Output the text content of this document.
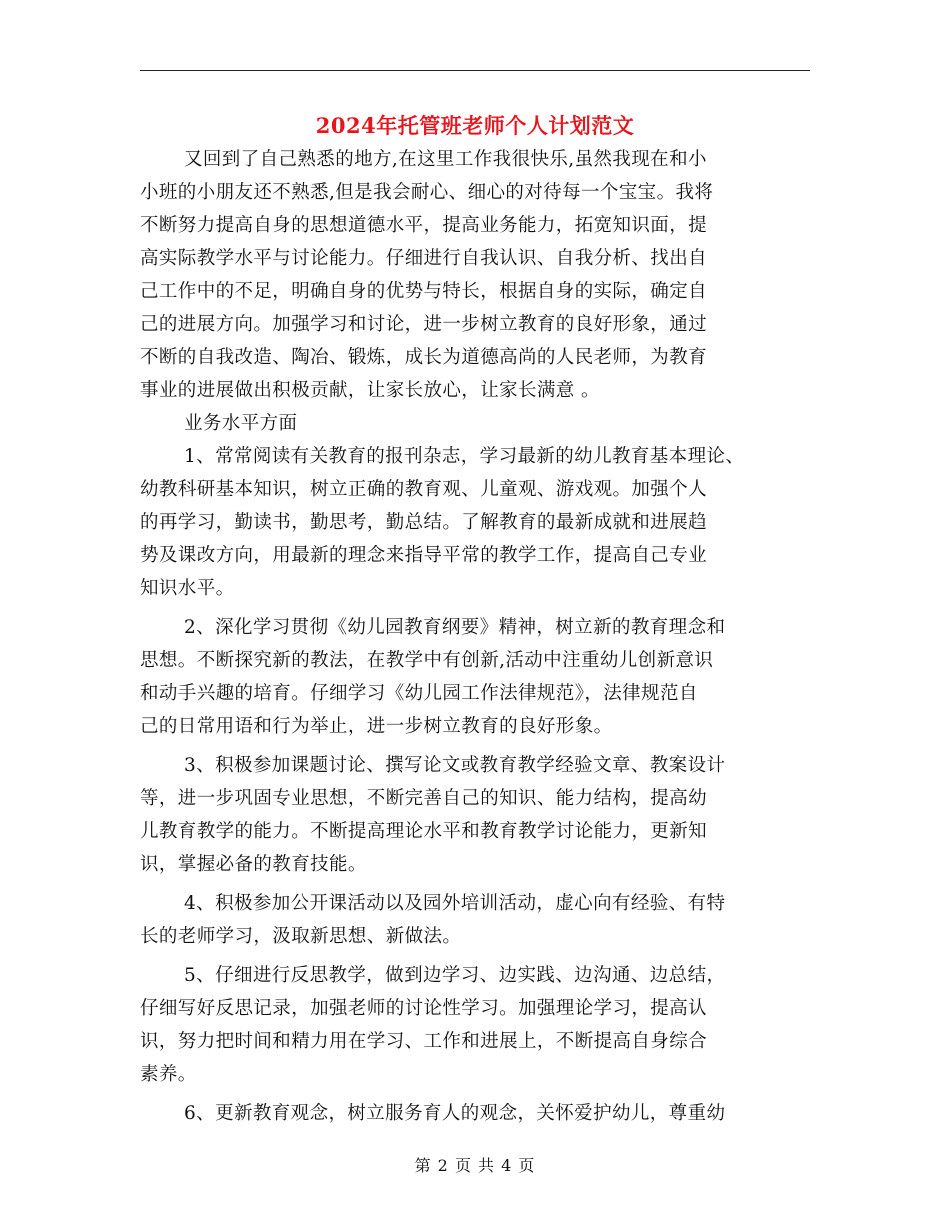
2024年托管班老师个人计划范文
又回到了自己熟悉的地方,在这里工作我很快乐,虽然我现在和小
小班的小朋友还不熟悉,但是我会耐心、细心的对待每一个宝宝。我将
不断努力提高自身的思想道德水平，提高业务能力，拓宽知识面，提
高实际教学水平与讨论能力。仔细进行自我认识、自我分析、找出自
己工作中的不足，明确自身的优势与特长，根据自身的实际，确定自
己的进展方向。加强学习和讨论，进一步树立教育的良好形象，通过
不断的自我改造、陶冶、锻炼，成长为道德高尚的人民老师，为教育
事业的进展做出积极贡献，让家长放心，让家长满意 。
业务水平方面
1、常常阅读有关教育的报刊杂志，学习最新的幼儿教育基本理论、
幼教科研基本知识，树立正确的教育观、儿童观、游戏观。加强个人
的再学习，勤读书，勤思考，勤总结。了解教育的最新成就和进展趋
势及课改方向，用最新的理念来指导平常的教学工作，提高自己专业
知识水平。
2、深化学习贯彻《幼儿园教育纲要》精神，树立新的教育理念和
思想。不断探究新的教法，在教学中有创新,活动中注重幼儿创新意识
和动手兴趣的培育。仔细学习《幼儿园工作法律规范》，法律规范自
己的日常用语和行为举止，进一步树立教育的良好形象。
3、积极参加课题讨论、撰写论文或教育教学经验文章、教案设计
等，进一步巩固专业思想，不断完善自己的知识、能力结构，提高幼
儿教育教学的能力。不断提高理论水平和教育教学讨论能力，更新知
识，掌握必备的教育技能。
4、积极参加公开课活动以及园外培训活动，虚心向有经验、有特
长的老师学习，汲取新思想、新做法。
5、仔细进行反思教学，做到边学习、边实践、边沟通、边总结，
仔细写好反思记录，加强老师的讨论性学习。加强理论学习，提高认
识，努力把时间和精力用在学习、工作和进展上，不断提高自身综合
素养。
6、更新教育观念，树立服务育人的观念，关怀爱护幼儿，尊重幼
第 2 页 共 4 页
